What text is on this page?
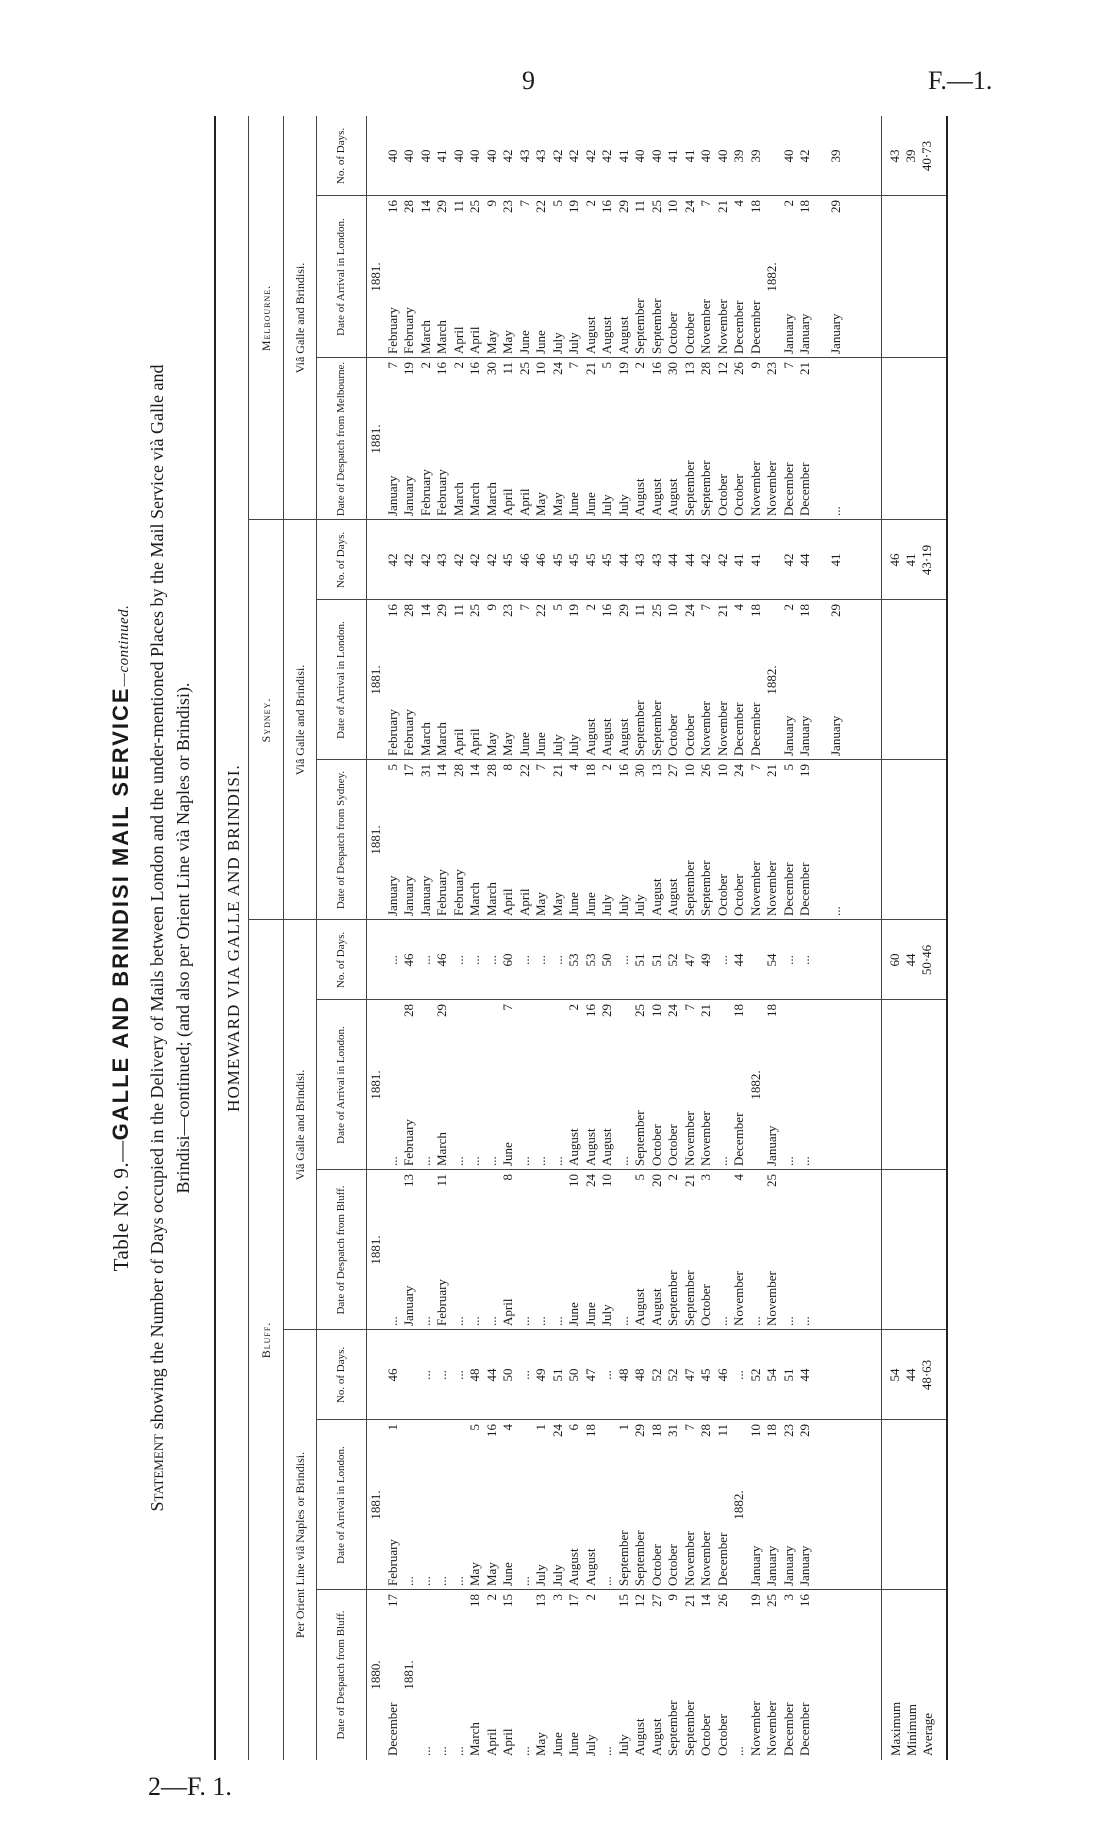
9	F.—1.
2—F. 1.
Table No. 9.—GALLE AND BRINDISI MAIL SERVICE—continued.
Statement showing the Number of Days occupied in the Delivery of Mails between London and the under-mentioned Places by the Mail Service vià Galle and Brindisi—continued; (and also per Orient Line vià Naples or Brindisi). HOMEWARD VIA GALLE AND BRINDISI.
Bluff.
Sydney.
Melbourne.
Per Orient Line viâ Naples or Brindisi.
Viâ Galle and Brindisi.
Viâ Galle and Brindisi.
Viâ Galle and Brindisi.
Date of Despatch from Bluff.
Date of Arrival in London.
No. of Days.
Date of Despatch from Bluff.
Date of Arrival in London.
No. of Days.
Date of Despatch from Sydney.
Date of Arrival in London.
No. of Days.
Date of Despatch from Melbourne.
Date of Arrival in London.
No. of Days.
1880.
December
17
1881.
... ... ... March
18
April
2
April
15
... May
13
June
3
June
17
July
2
... July
15
August
12
August
27
September
9
September
21
October
14
October
26
... November
19
November
25
December
3
December
16
1881.
February
1
... ... ... ... May
5
May
16
June
4
... July
1
July
24
August
6
August
18
... September
1
September
29
October
18
October
31
November
7
November
28
December
11
1882.
January
10
January
18
January
23
January
29
46 ... ... ... 48 44 50 ... 49 51 50 47 ... 48 48 52 52 47 45 46 ... 52 54 51 44
1881.
... January
13
... February
11
... ... ... April
8
... ... ... June
10
June
24
July
10
... August
5
August
20
September
2
September
21
October
3
... November
4
... November
25
... ...
1881.
... February
28
... March
29
... ... ... June
7
... ... ... August
2
August
16
August
29
... September
25
October
10
October
24
November
7
November
21
... December
18
1882.
January
18
... ...
... 46 ... 46 ... ... ... 60 ... ... ... 53 53 50 ... 51 51 52 47 49 ... 44 54 ... ...
1881.
January
5
January
17
January
31
February
14
February
28
March
14
March
28
April
8
April
22
May
7
May
21
June
4
June
18
July
2
July
16
July
30
August
13
August
27
September
10
September
26
October
10
October
24
November
7
November
21
December
5
December
19
1881.
February
16
February
28
March
14
March
29
April
11
April
25
May
9
May
23
June
7
June
22
July
5
July
19
August
2
August
16
August
29
September
11
September
25
October
10
October
24
November
7
November
21
December
4
December
18
1882.
January
2
January
18
42 42 42 43 42 42 42 45 46 46 45 45 45 45 44 43 43 44 44 42 42 41 41 42 44
1881.
January
7
January
19
February
2
February
16
March
2
March
16
March
30
April
11
April
25
May
10
May
24
June
7
June
21
July
5
July
19
August
2
August
16
August
30
September
13
September
28
October
12
October
26
November
9
November
23
December
7
December
21
1881.
February
16
February
28
March
14
March
29
April
11
April
25
May
9
May
23
June
7
June
22
July
5
July
19
August
2
August
16
August
29
September
11
September
25
October
10
October
24
November
7
November
21
December
4
December
18
1882.
January
2
January
18
40 40 40 41 40 40 40 42 43 43 42 42 42 42 41 40 40 41 41 40 40 39 39 40 42
...
January
29
41
...
January
29
39
Maximum Minimum Average
54 44 48·63
60 44 50·46
46 41 43·19
43 39 40·73
